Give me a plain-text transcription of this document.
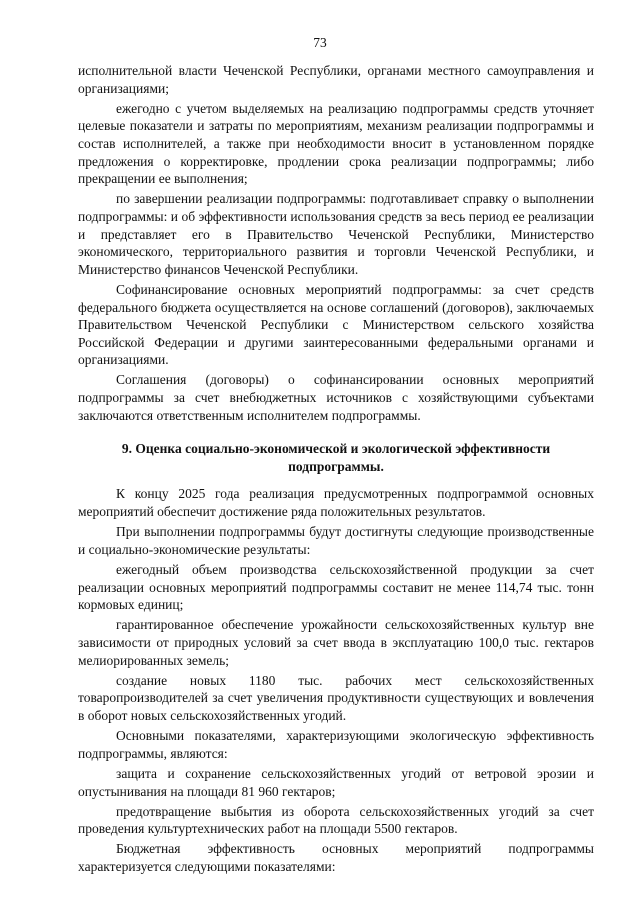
73

исполнительной власти Чеченской Республики, органами местного самоуправления и организациями;

ежегодно с учетом выделяемых на реализацию подпрограммы средств уточняет целевые показатели и затраты по мероприятиям, механизм реализации подпрограммы и состав исполнителей, а также при необходимости вносит в установленном порядке предложения о корректировке, продлении срока реализации подпрограммы; либо прекращении ее выполнения;

по завершении реализации подпрограммы: подготавливает справку о выполнении подпрограммы: и об эффективности использования средств за весь период ее реализации и представляет его в Правительство Чеченской Республики, Министерство экономического, территориального развития и торговли Чеченской Республики, и Министерство финансов Чеченской Республики.

Софинансирование основных мероприятий подпрограммы: за счет средств федерального бюджета осуществляется на основе соглашений (договоров), заключаемых Правительством Чеченской Республики с Министерством сельского хозяйства Российской Федерации и другими заинтересованными федеральными органами и организациями.

Соглашения (договоры) о софинансировании основных мероприятий подпрограммы за счет внебюджетных источников с хозяйствующими субъектами заключаются ответственным исполнителем подпрограммы.

9. Оценка социально-экономической и экологической эффективности подпрограммы.

К концу 2025 года реализация предусмотренных подпрограммой основных мероприятий обеспечит достижение ряда положительных результатов.

При выполнении подпрограммы будут достигнуты следующие производственные и социально-экономические результаты:

ежегодный объем производства сельскохозяйственной продукции за счет реализации основных мероприятий подпрограммы составит не менее 114,74 тыс. тонн кормовых единиц;

гарантированное обеспечение урожайности сельскохозяйственных культур вне зависимости от природных условий за счет ввода в эксплуатацию 100,0 тыс. гектаров мелиорированных земель;

создание новых 1180 тыс. рабочих мест сельскохозяйственных товаропроизводителей за счет увеличения продуктивности существующих и вовлечения в оборот новых сельскохозяйственных угодий.

Основными показателями, характеризующими экологическую эффективность подпрограммы, являются:

защита и сохранение сельскохозяйственных угодий от ветровой эрозии и опустынивания на площади 81 960 гектаров;

предотвращение выбытия из оборота сельскохозяйственных угодий за счет проведения культуртехнических работ на площади 5500 гектаров.

Бюджетная эффективность основных мероприятий подпрограммы характеризуется следующими показателями:
